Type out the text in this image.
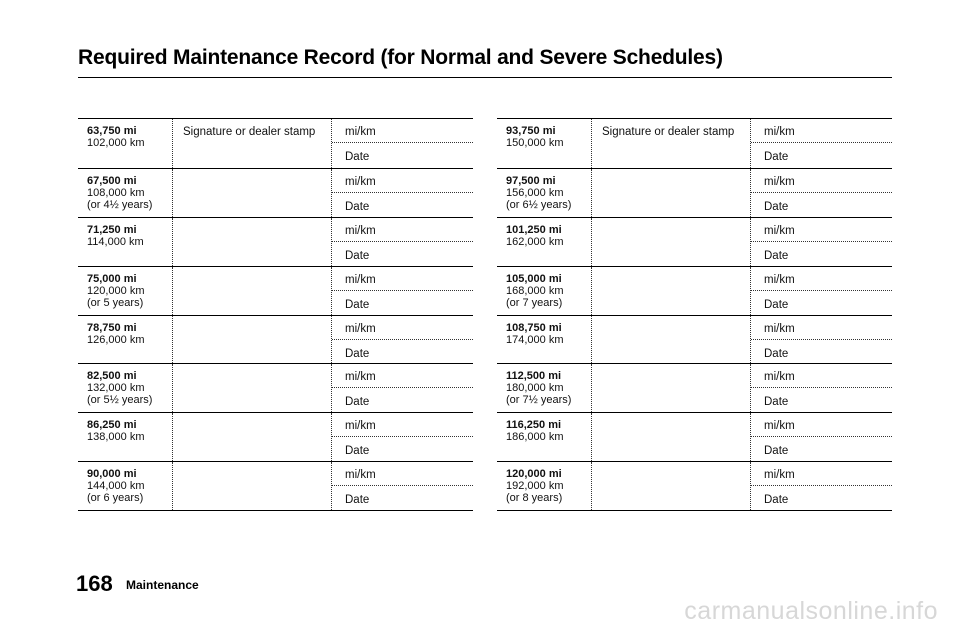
Required Maintenance Record (for Normal and Severe Schedules)
63,750 mi
102,000 km
Signature or dealer stamp	mi/km
Date
67,500 mi
108,000 km
(or 4½ years)
mi/km
Date
71,250 mi
114,000 km
mi/km
Date
75,000 mi
120,000 km
(or 5 years)
mi/km
Date
78,750 mi
126,000 km
mi/km
Date
82,500 mi
132,000 km
(or 5½ years)
mi/km
Date
86,250 mi
138,000 km
mi/km
Date
90,000 mi
144,000 km
(or 6 years)
mi/km
Date
93,750 mi
150,000 km
Signature or dealer stamp	mi/km
Date
97,500 mi
156,000 km
(or 6½ years)
mi/km
Date
101,250 mi
162,000 km
mi/km
Date
105,000 mi
168,000 km
(or 7 years)
mi/km
Date
108,750 mi
174,000 km
mi/km
Date
112,500 mi
180,000 km
(or 7½ years)
mi/km
Date
116,250 mi
186,000 km
mi/km
Date
120,000 mi
192,000 km
(or 8 years)
mi/km
Date
168 Maintenance
carmanualsonline.info
